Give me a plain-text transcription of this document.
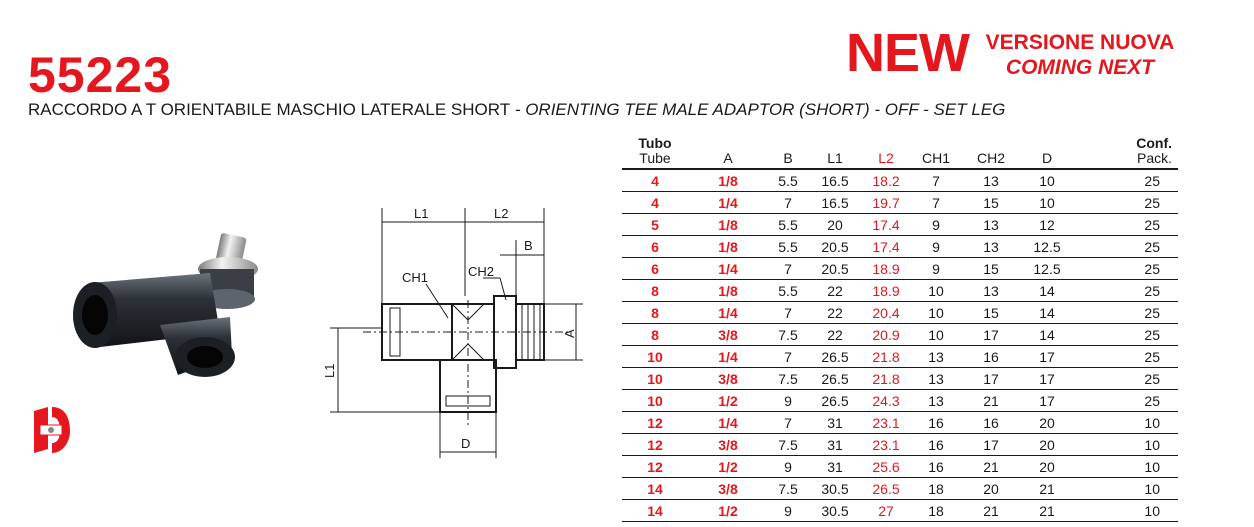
55223
RACCORDO A T ORIENTABILE MASCHIO LATERALE SHORT - ORIENTING TEE MALE ADAPTOR (SHORT) - OFF - SET LEG
NEW VERSIONE NUOVA
COMING NEXT
L1	L2
B
CH1	CH2
A
L1
D
Tubo
Tube	A	B	L1	L2	CH1	CH2	D	Conf.
Pack.

4	1/8	5.5	16.5	18.2	7	13	10	25
4	1/4	7	16.5	19.7	7	15	10	25
5	1/8	5.5	20	17.4	9	13	12	25
6	1/8	5.5	20.5	17.4	9	13	12.5	25
6	1/4	7	20.5	18.9	9	15	12.5	25
8	1/8	5.5	22	18.9	10	13	14	25
8	1/4	7	22	20.4	10	15	14	25
8	3/8	7.5	22	20.9	10	17	14	25
10	1/4	7	26.5	21.8	13	16	17	25
10	3/8	7.5	26.5	21.8	13	17	17	25
10	1/2	9	26.5	24.3	13	21	17	25
12	1/4	7	31	23.1	16	16	20	10
12	3/8	7.5	31	23.1	16	17	20	10
12	1/2	9	31	25.6	16	21	20	10
14	3/8	7.5	30.5	26.5	18	20	21	10
14	1/2	9	30.5	27	18	21	21	10
